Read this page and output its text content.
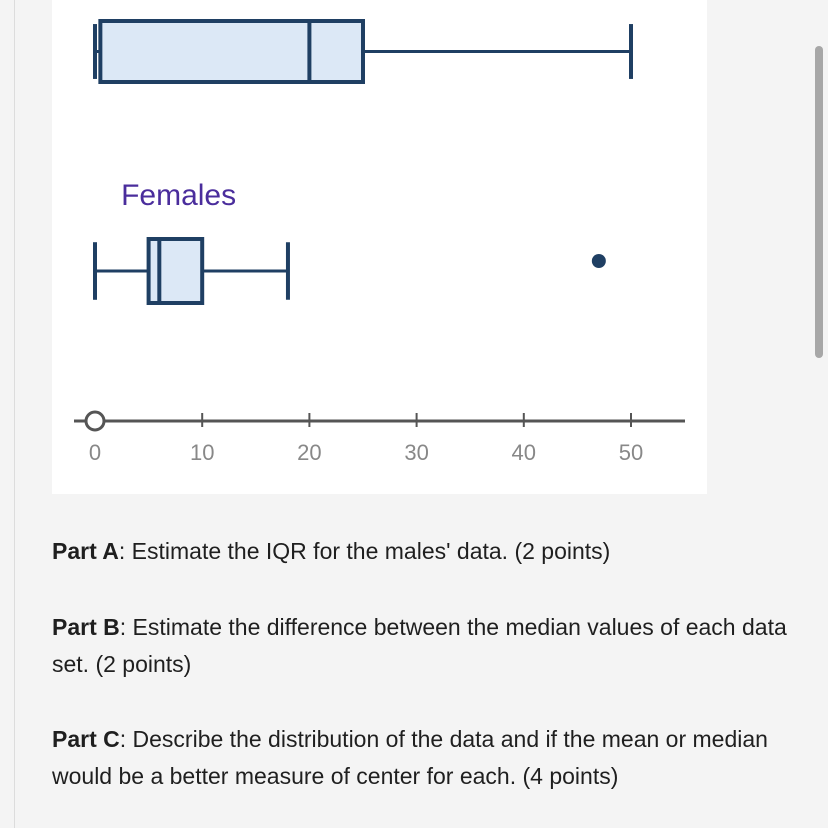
Females
0	10	20	30	40	50
Part A: Estimate the IQR for the males' data. (2 points)
Part B: Estimate the difference between the median values of each data set. (2 points)
Part C: Describe the distribution of the data and if the mean or median would be a better measure of center for each. (4 points)
